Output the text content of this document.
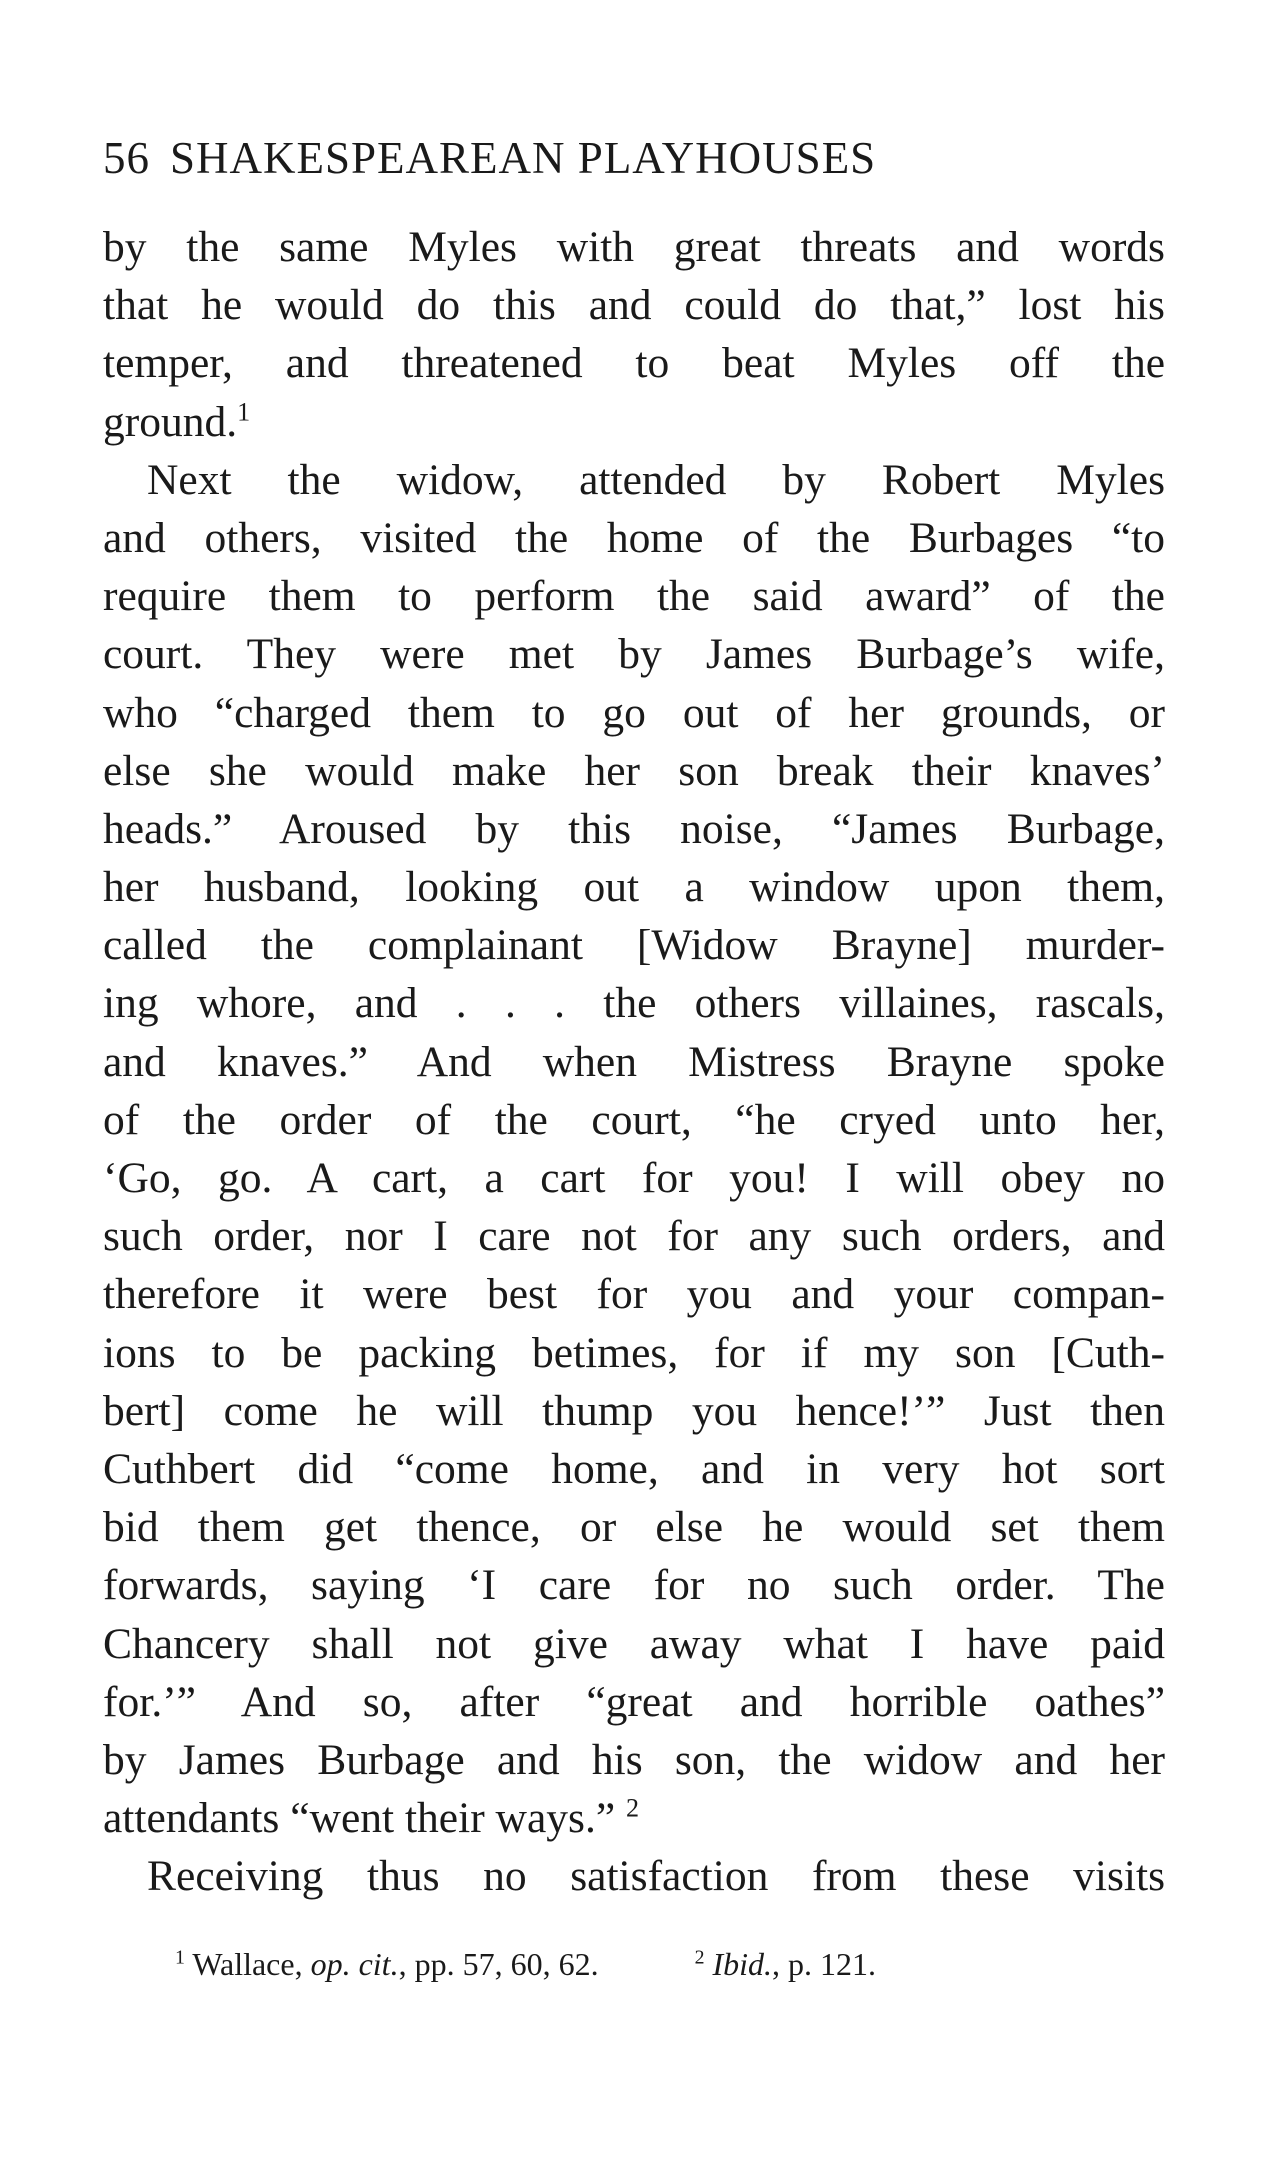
56 SHAKESPEAREAN PLAYHOUSES
by the same Myles with great threats and words
that he would do this and could do that,” lost his
temper, and threatened to beat Myles off the
ground.$^1$
Next the widow, attended by Robert Myles
and others, visited the home of the Burbages “to
require them to perform the said award” of the
court. They were met by James Burbage’s wife,
who “charged them to go out of her grounds, or
else she would make her son break their knaves’
heads.” Aroused by this noise, “James Burbage,
her husband, looking out a window upon them,
called the complainant [Widow Brayne] murder-
ing whore, and . . . the others villaines, rascals,
and knaves.” And when Mistress Brayne spoke
of the order of the court, “he cryed unto her,
‘Go, go. A cart, a cart for you! I will obey no
such order, nor I care not for any such orders, and
therefore it were best for you and your compan-
ions to be packing betimes, for if my son [Cuth-
bert] come he will thump you hence!’” Just then
Cuthbert did “come home, and in very hot sort
bid them get thence, or else he would set them
forwards, saying ‘I care for no such order. The
Chancery shall not give away what I have paid
for.’” And so, after “great and horrible oathes”
by James Burbage and his son, the widow and her
attendants “went their ways.” $^2$
Receiving thus no satisfaction from these visits
$^1$ Wallace, op. cit., pp. 57, 60, 62.	$^2$ Ibid., p. 121.
